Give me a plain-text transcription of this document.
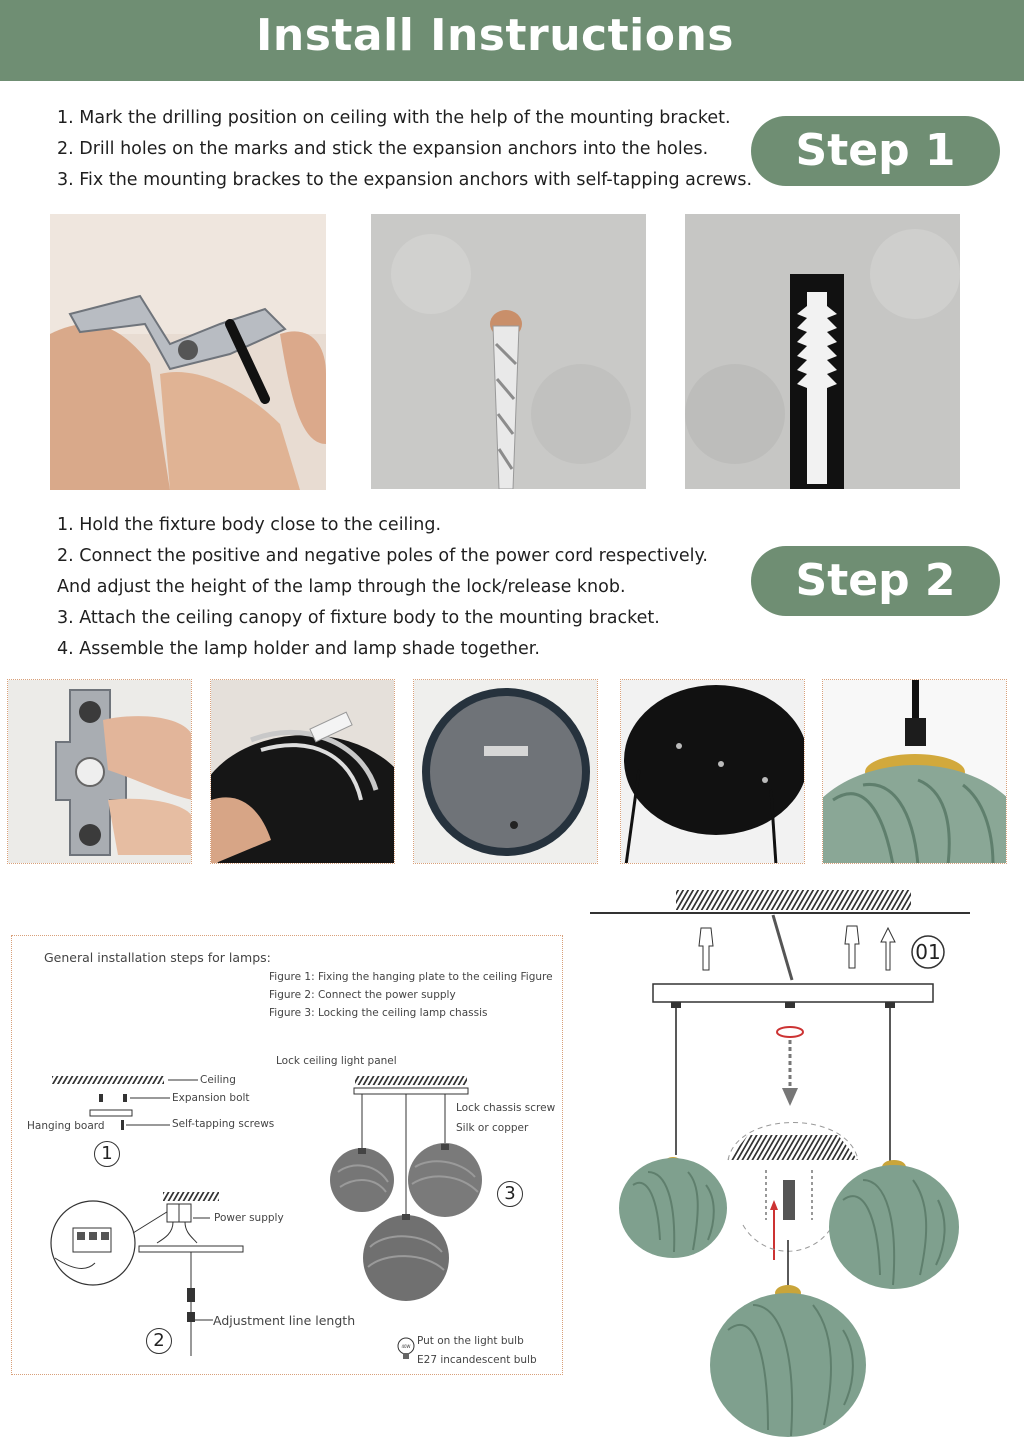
Install Instructions
1. Mark the drilling position on ceiling with the help of the mounting bracket.
2. Drill holes on the marks and stick the expansion anchors into the holes.
3. Fix the mounting brackes to the expansion anchors with self-tapping acrews.
Step 1
1. Hold the fixture body close to the ceiling.
2. Connect the positive and negative poles of the power cord respectively.
And adjust the height of the lamp through the lock/release knob.
3. Attach the ceiling canopy of fixture body to the mounting bracket.
4. Assemble the lamp holder and lamp shade together.
Step 2
General installation steps for lamps:
Figure 1: Fixing the hanging plate to the ceiling Figure
Figure 2: Connect the power supply
Figure 3: Locking the ceiling lamp chassis
Lock ceiling light panel
Ceiling
Expansion bolt
Hanging board	Self-tapping screws
1
Power supply
Adjustment line length
2
Lock chassis screw
Silk or copper
3
40W Put on the light bulb
E27 incandescent bulb
01
